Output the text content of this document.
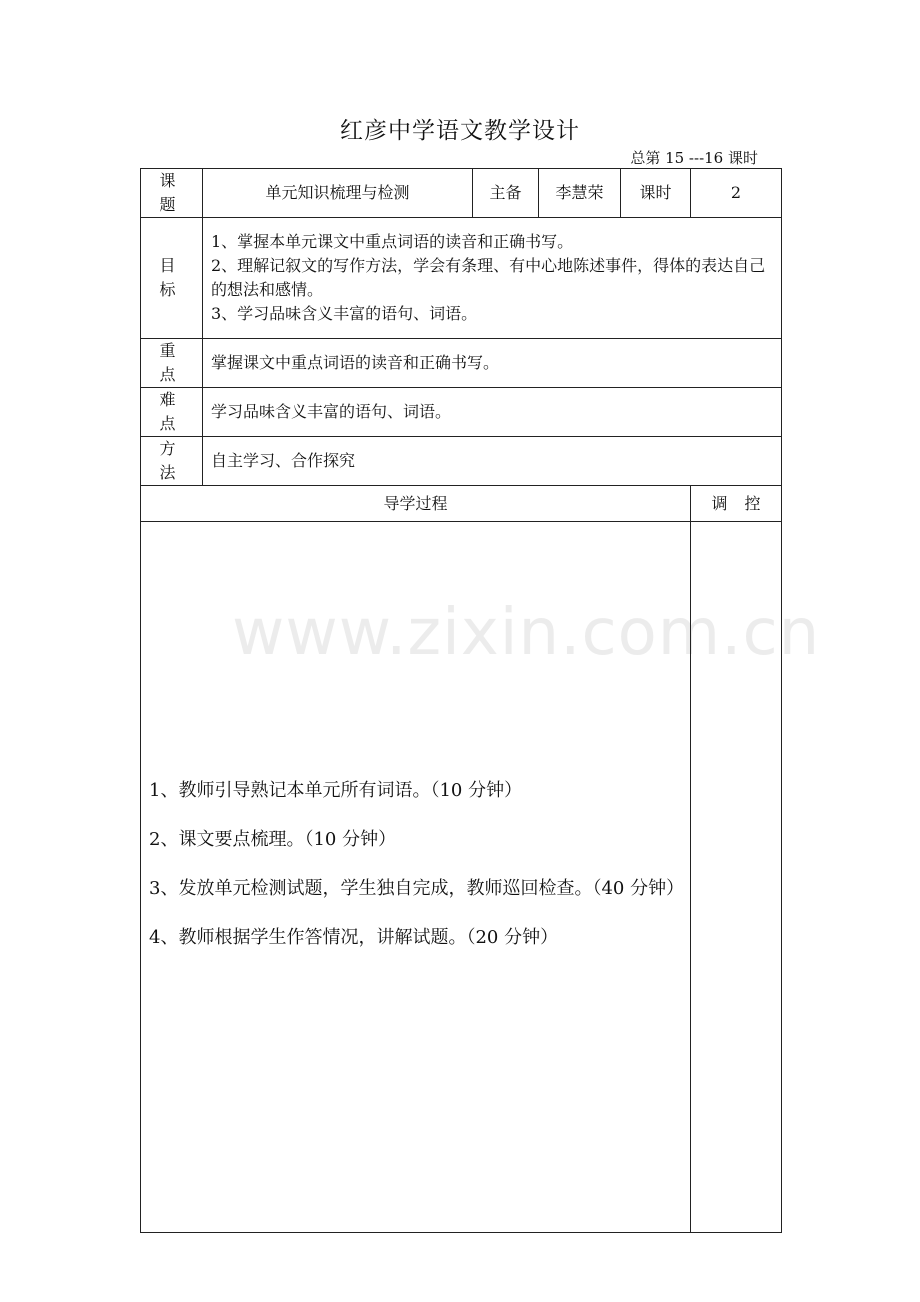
www.zixin.com.cn
红彦中学语文教学设计
总第 15 ---16 课时
课 题	单元知识梳理与检测	主备	李慧荣	课时	2
目 标	1、掌握本单元课文中重点词语的读音和正确书写。
2、理解记叙文的写作方法，学会有条理、有中心地陈述事件，得体的表达自己的想法和感情。
3、学习品味含义丰富的语句、词语。				

重 点	掌握课文中重点词语的读音和正确书写。				
难 点	学习品味含义丰富的语句、词语。				
方 法	自主学习、合作探究				
导学过程					调 控

1、教师引导熟记本单元所有词语。（10 分钟）

2、课文要点梳理。（10 分钟）

3、发放单元检测试题，学生独自完成，教师巡回检查。（40 分钟）

4、教师根据学生作答情况，讲解试题。（20 分钟）					
